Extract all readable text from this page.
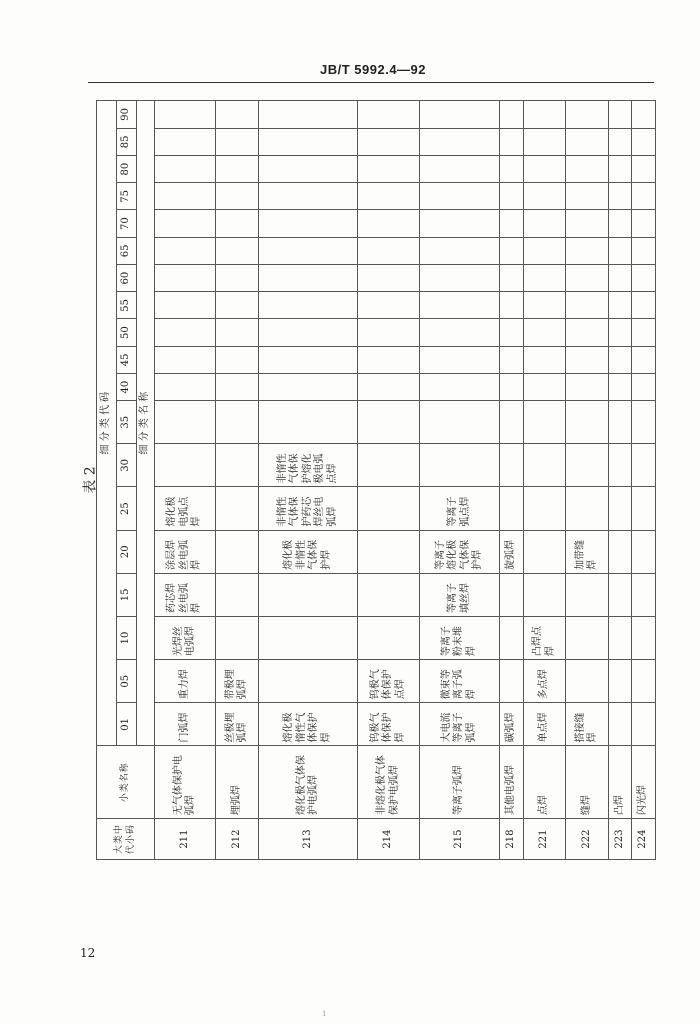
JB/T 5992.4—92
表 2
大类中代小码	小类名称	细 分 类 代 码																		
		01	05	10	15	20	25	30	35	40	45	50	55	60	65	70	75	80	85	90
		细 分 类 名 称																		
211	无气体保护电弧焊	门弧焊	重力焊	光焊丝电弧焊	药芯焊丝电弧焊	涂层焊丝电弧焊	熔化极电弧点焊													
212	埋弧焊	丝极埋弧焊	带极埋弧焊																	
213	熔化极气体保护电弧焊	熔化极惰性气体保护焊				熔化极非惰性气体保护焊	非惰性气体保护药芯焊丝电弧焊	非惰性气体保护熔化极电弧点焊												
214	非熔化极气体保护电弧焊	钨极气体保护焊	钨极气体保护点焊																	
215	等离子弧焊	大电流等离子弧焊	微束等离子弧焊	等离子粉末堆焊	等离子填丝焊	等离子熔化极气体保护焊	等离子弧点焊													
218	其他电弧焊	碳弧焊				旋弧焊														
221	点焊	单点焊	多点焊	凸焊点焊																
222	缝焊	搭接缝焊				加带缝焊														
223	凸焊																			
224	闪光焊																			
12
1
